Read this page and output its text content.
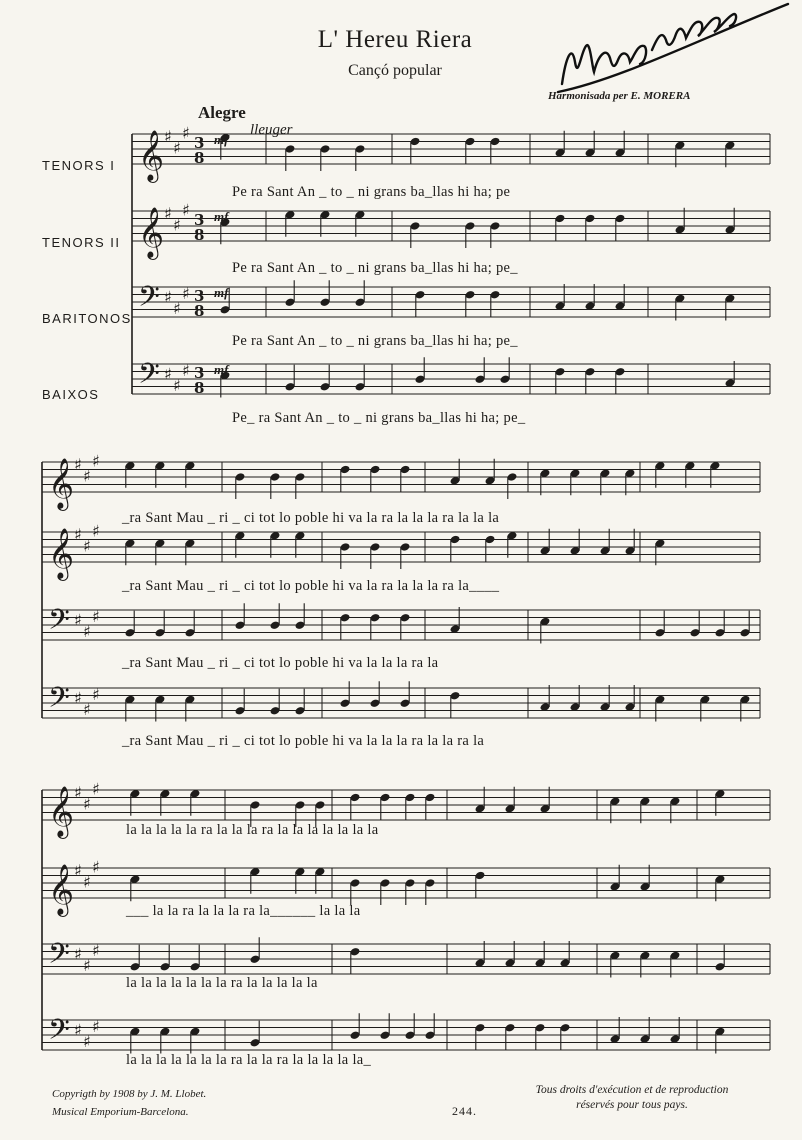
L' Hereu Riera
Cançó popular
Harmonisada per E. MORERA
Alegre
lleuger
TENORS I
TENORS II
BARITONOS
BAIXOS
𝄞 ♯
♯
♯
3
8
𝄞 ♯
♯
♯
3
8
𝄢 ♯
♯
♯ 3
8
𝄢 ♯
♯
♯ 3
8
𝄞 ♯
♯
♯
𝄞 ♯
♯
♯
𝄢 ♯
♯
♯
𝄢 ♯
♯
♯
𝄞 ♯
♯
♯
𝄞 ♯
♯
♯
𝄢 ♯
♯
♯
𝄢 ♯
♯
♯
mf
mf
mf
mf
Pe ra Sant An _ to _ ni grans ba_llas hi ha; pe
Pe ra Sant An _ to _ ni grans ba_llas hi ha; pe_
Pe ra Sant An _ to _ ni grans ba_llas hi ha; pe_
Pe_ ra Sant An _ to _ ni grans ba_llas hi ha; pe_
_ra Sant Mau _ ri _ ci tot lo poble hi va la ra la la la ra la la la
_ra Sant Mau _ ri _ ci tot lo poble hi va la ra la la la ra la____
_ra Sant Mau _ ri _ ci tot lo poble hi va la la la ra la
_ra Sant Mau _ ri _ ci tot lo poble hi va la la la ra la la ra la
la la la la la ra la la la ra la la la la la la la
___ la la ra la la la ra la______ la la la
la la la la la la la ra la la la la la
la la la la la la la ra la la ra la la la la la_
Copyrigth by 1908 by J. M. Llobet.
Musical Emporium-Barcelona.	244.
Tous droits d'exécution et de reproduction
réservés pour tous pays.
